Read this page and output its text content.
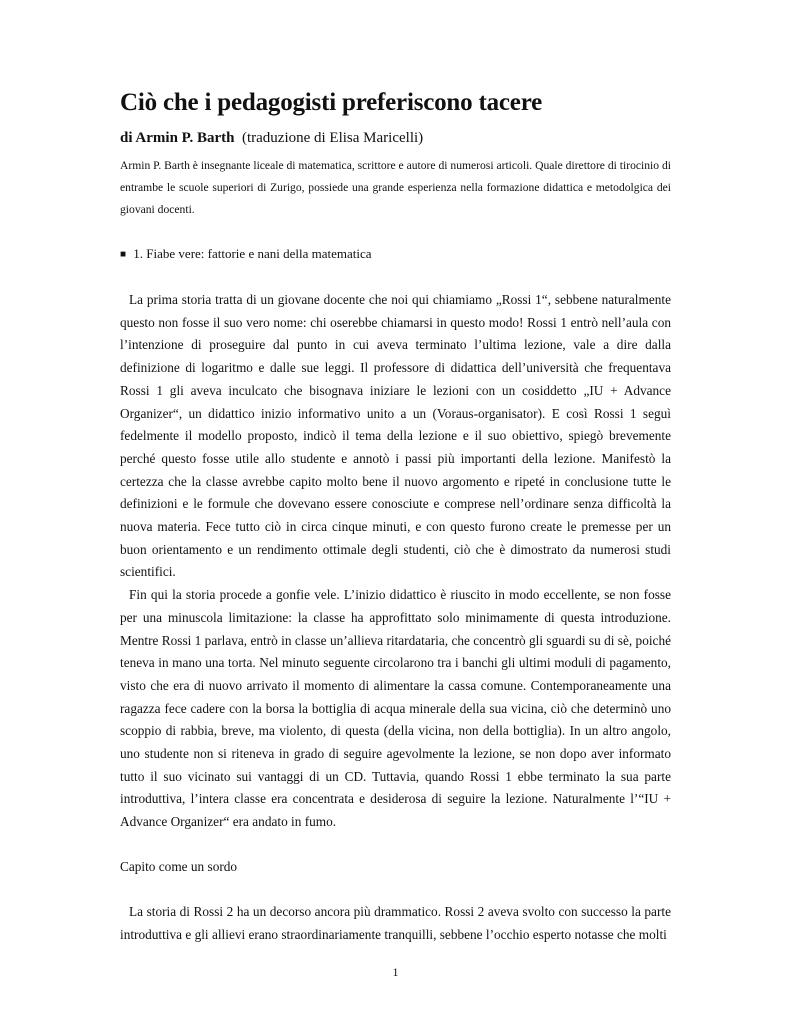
Ciò che i pedagogisti preferiscono tacere
di Armin P. Barth (traduzione di Elisa Maricelli)
Armin P. Barth è insegnante liceale di matematica, scrittore e autore di numerosi articoli. Quale direttore di tirocinio di entrambe le scuole superiori di Zurigo, possiede una grande esperienza nella formazione didattica e metodolgica dei giovani docenti.
■ 1. Fiabe vere: fattorie e nani della matematica

La prima storia tratta di un giovane docente che noi qui chiamiamo „Rossi 1“, sebbene naturalmente questo non fosse il suo vero nome: chi oserebbe chiamarsi in questo modo! Rossi 1 entrò nell’aula con l’intenzione di proseguire dal punto in cui aveva terminato l’ultima lezione, vale a dire dalla definizione di logaritmo e dalle sue leggi. Il professore di didattica dell’università che frequentava Rossi 1 gli aveva inculcato che bisognava iniziare le lezioni con un cosiddetto „IU + Advance Organizer“, un didattico inizio informativo unito a un (Voraus-organisator). E così Rossi 1 seguì fedelmente il modello proposto, indicò il tema della lezione e il suo obiettivo, spiegò brevemente perché questo fosse utile allo studente e annotò i passi più importanti della lezione. Manifestò la certezza che la classe avrebbe capito molto bene il nuovo argomento e ripeté in conclusione tutte le definizioni e le formule che dovevano essere conosciute e comprese nell’ordinare senza difficoltà la nuova materia. Fece tutto ciò in circa cinque minuti, e con questo furono create le premesse per un buon orientamento e un rendimento ottimale degli studenti, ciò che è dimostrato da numerosi studi scientifici.

Fin qui la storia procede a gonfie vele. L’inizio didattico è riuscito in modo eccellente, se non fosse per una minuscola limitazione: la classe ha approfittato solo minimamente di questa introduzione. Mentre Rossi 1 parlava, entrò in classe un’allieva ritardataria, che concentrò gli sguardi su di sè, poiché teneva in mano una torta. Nel minuto seguente circolarono tra i banchi gli ultimi moduli di pagamento, visto che era di nuovo arrivato il momento di alimentare la cassa comune. Contemporaneamente una ragazza fece cadere con la borsa la bottiglia di acqua minerale della sua vicina, ciò che determinò uno scoppio di rabbia, breve, ma violento, di questa (della vicina, non della bottiglia). In un altro angolo, uno studente non si riteneva in grado di seguire agevolmente la lezione, se non dopo aver informato tutto il suo vicinato sui vantaggi di un CD. Tuttavia, quando Rossi 1 ebbe terminato la sua parte introduttiva, l’intera classe era concentrata e desiderosa di seguire la lezione. Naturalmente l’“IU + Advance Organizer“ era andato in fumo.

Capito come un sordo

La storia di Rossi 2 ha un decorso ancora più drammatico. Rossi 2 aveva svolto con successo la parte introduttiva e gli allievi erano straordinariamente tranquilli, sebbene l’occhio esperto notasse che molti

1
